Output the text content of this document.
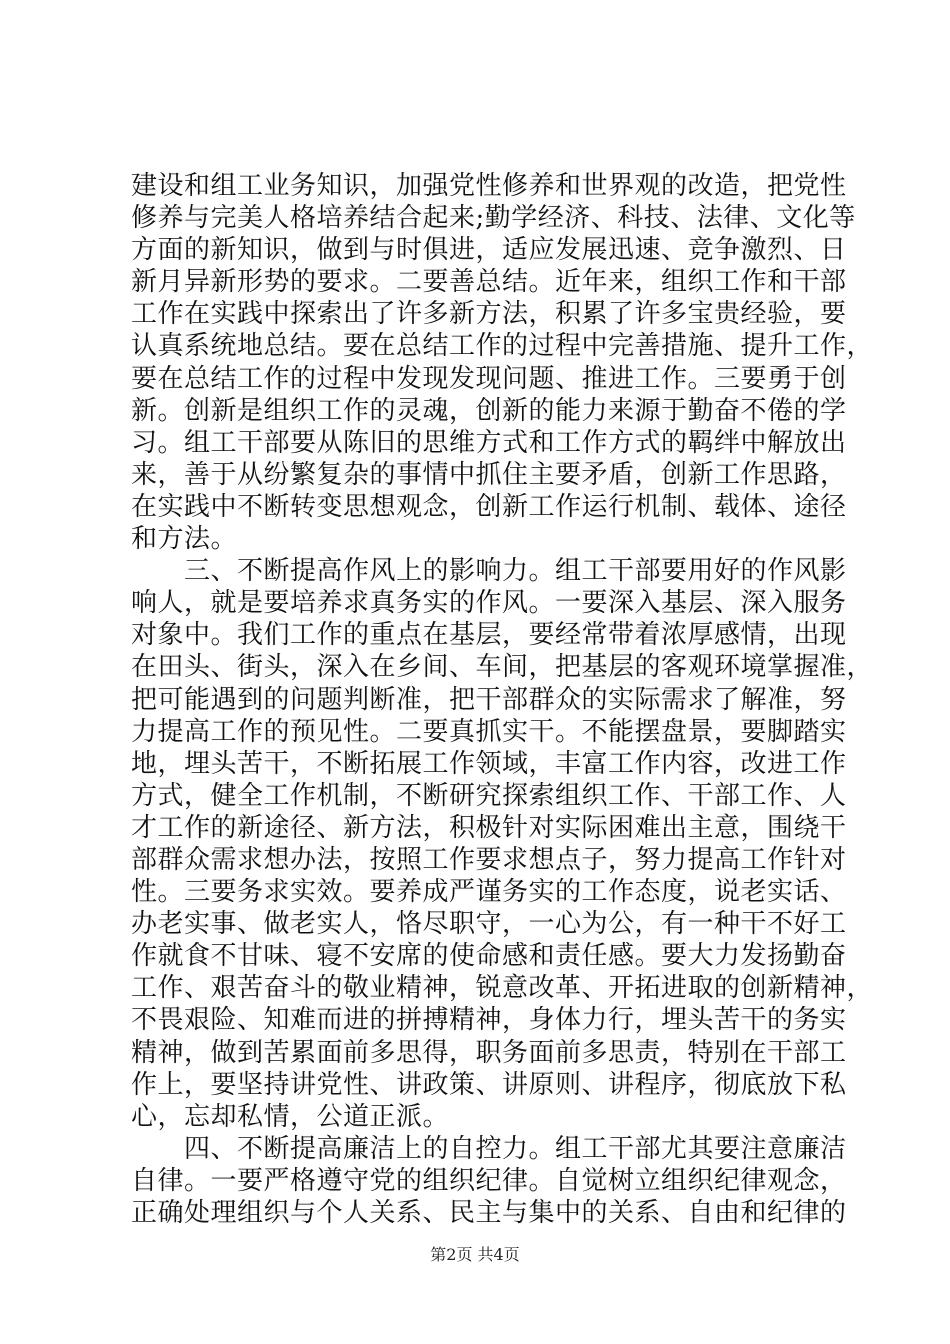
建设和组工业务知识，加强党性修养和世界观的改造，把党性
修养与完美人格培养结合起来;勤学经济、科技、法律、文化等
方面的新知识，做到与时俱进，适应发展迅速、竞争激烈、日
新月异新形势的要求。二要善总结。近年来，组织工作和干部
工作在实践中探索出了许多新方法，积累了许多宝贵经验，要
认真系统地总结。要在总结工作的过程中完善措施、提升工作，
要在总结工作的过程中发现发现问题、推进工作。三要勇于创
新。创新是组织工作的灵魂，创新的能力来源于勤奋不倦的学
习。组工干部要从陈旧的思维方式和工作方式的羁绊中解放出
来，善于从纷繁复杂的事情中抓住主要矛盾，创新工作思路，
在实践中不断转变思想观念，创新工作运行机制、载体、途径
和方法。
　　三、不断提高作风上的影响力。组工干部要用好的作风影
响人，就是要培养求真务实的作风。一要深入基层、深入服务
对象中。我们工作的重点在基层，要经常带着浓厚感情，出现
在田头、街头，深入在乡间、车间，把基层的客观环境掌握准，
把可能遇到的问题判断准，把干部群众的实际需求了解准，努
力提高工作的预见性。二要真抓实干。不能摆盘景，要脚踏实
地，埋头苦干，不断拓展工作领域，丰富工作内容，改进工作
方式，健全工作机制，不断研究探索组织工作、干部工作、人
才工作的新途径、新方法，积极针对实际困难出主意，围绕干
部群众需求想办法，按照工作要求想点子，努力提高工作针对
性。三要务求实效。要养成严谨务实的工作态度，说老实话、
办老实事、做老实人，恪尽职守，一心为公，有一种干不好工
作就食不甘味、寝不安席的使命感和责任感。要大力发扬勤奋
工作、艰苦奋斗的敬业精神，锐意改革、开拓进取的创新精神，
不畏艰险、知难而进的拼搏精神，身体力行，埋头苦干的务实
精神，做到苦累面前多思得，职务面前多思责，特别在干部工
作上，要坚持讲党性、讲政策、讲原则、讲程序，彻底放下私
心，忘却私情，公道正派。
　　四、不断提高廉洁上的自控力。组工干部尤其要注意廉洁
自律。一要严格遵守党的组织纪律。自觉树立组织纪律观念，
正确处理组织与个人关系、民主与集中的关系、自由和纪律的
第2页 共4页
